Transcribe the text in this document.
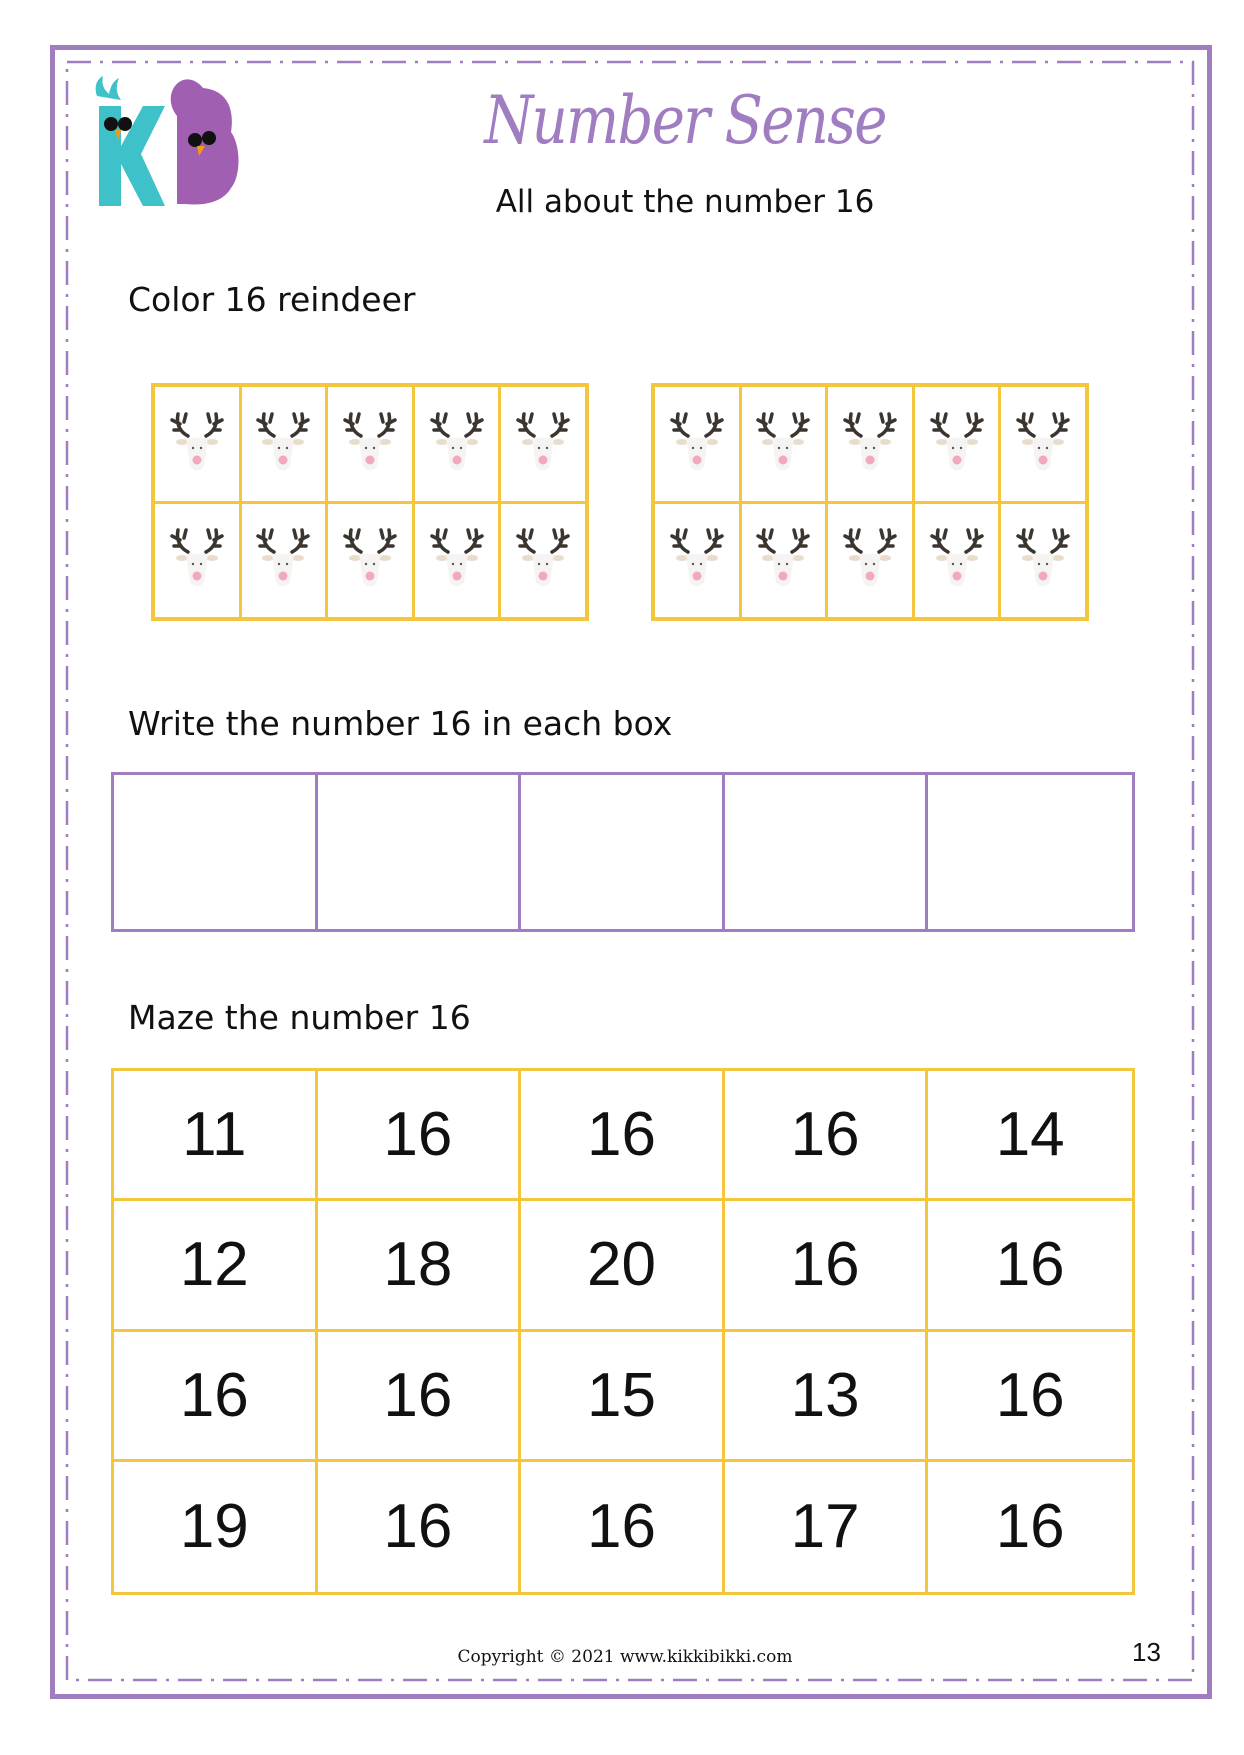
Number Sense
All about the number 16
Color 16 reindeer
Write the number 16 in each box
Maze the number 16
11	16	16	16	14
12	18	20	16	16
16	16	15	13	16
19	16	16	17	16
Copyright © 2021 www.kikkibikki.com	13
